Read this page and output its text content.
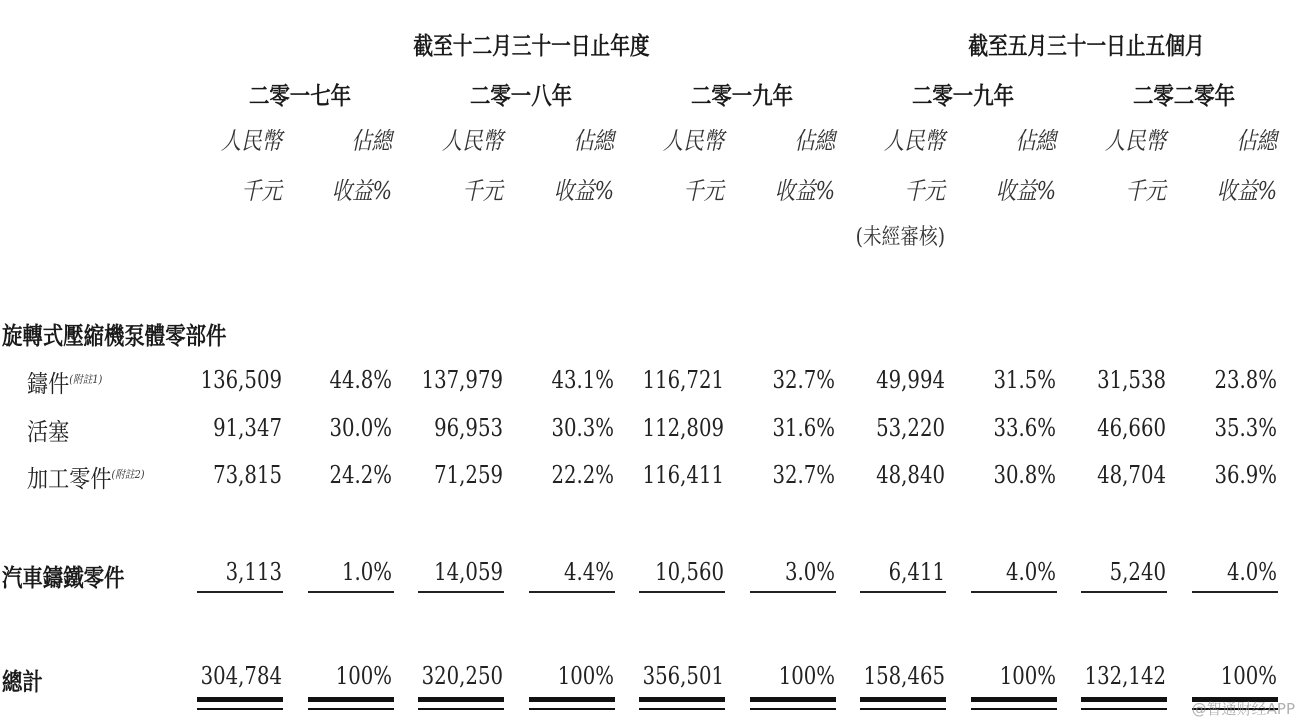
截至十二月三十一日止年度	截至五月三十一日止五個月
二零一七年	二零一八年	二零一九年	二零一九年	二零二零年
人民幣	佔總	人民幣	佔總	人民幣	佔總	人民幣	佔總	人民幣	佔總
千元	收益%	千元	收益%	千元	收益%	千元	收益%	千元	收益%
(未經審核)
旋轉式壓縮機泵體零部件
鑄件$^{(附註1)}$	136,509	44.8% 137,979	43.1% 116,721	32.7%	49,994	31.5%	31,538	23.8%
活塞	91,347	30.0%	96,953	30.3% 112,809	31.6%	53,220	33.6%	46,660	35.3%
加工零件$^{(附註2)}$	73,815	24.2%	71,259	22.2% 116,411	32.7%	48,840	30.8%	48,704	36.9%
汽車鑄鐵零件	3,113	1.0%	14,059	4.4%	10,560	3.0%	6,411	4.0%	5,240	4.0%
總計	304,784	100% 320,250	100% 356,501	100% 158,465	100% 132,142	100%
@智通财经APP
